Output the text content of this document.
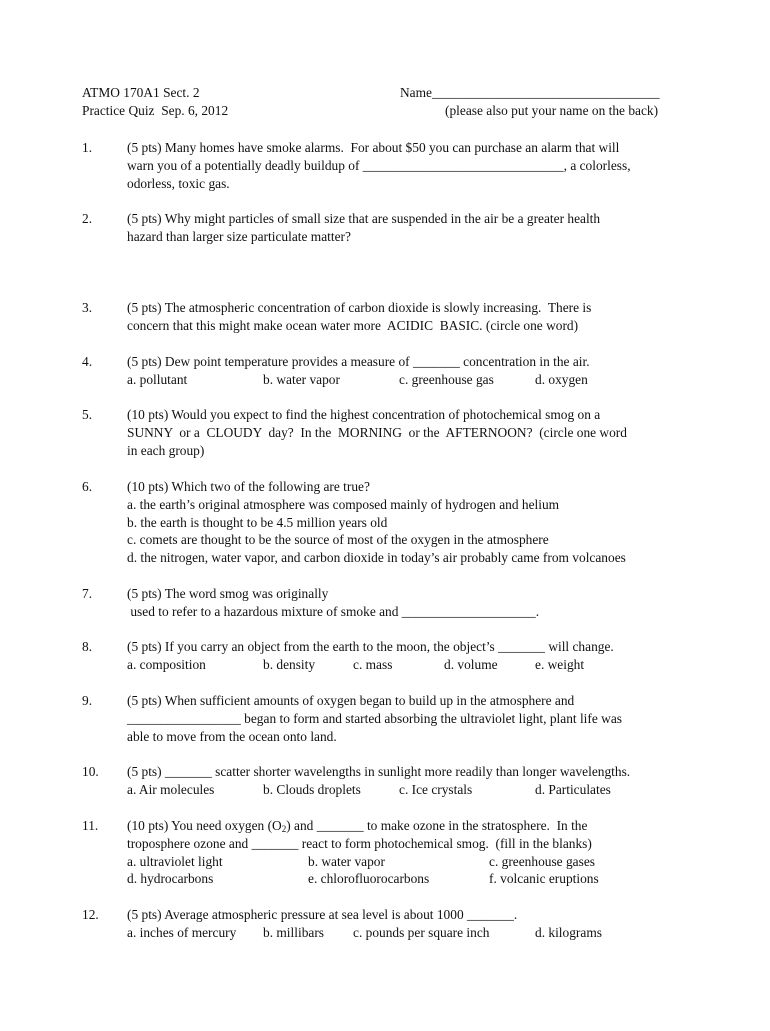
ATMO 170A1 Sect. 2
Practice Quiz  Sep. 6, 2012
Name__________________________________
(please also put your name on the back)
1.	(5 pts) Many homes have smoke alarms.  For about $50 you can purchase an alarm that will
warn you of a potentially deadly buildup of ______________________________, a colorless,
odorless, toxic gas.
2.	(5 pts) Why might particles of small size that are suspended in the air be a greater health
hazard than larger size particulate matter?
3.	(5 pts) The atmospheric concentration of carbon dioxide is slowly increasing.  There is
concern that this might make ocean water more  ACIDIC  BASIC. (circle one word)
4.	(5 pts) Dew point temperature provides a measure of _______ concentration in the air.

a. pollutant

	b. water vapor

	c. greenhouse gas

	d. oxygen

5.	(10 pts) Would you expect to find the highest concentration of photochemical smog on a
SUNNY  or a  CLOUDY  day?  In the  MORNING  or the  AFTERNOON?  (circle one word
in each group)
6.	(10 pts) Which two of the following are true?
a. the earth’s original atmosphere was composed mainly of hydrogen and helium
b. the earth is thought to be 4.5 million years old
c. comets are thought to be the source of most of the oxygen in the atmosphere
d. the nitrogen, water vapor, and carbon dioxide in today’s air probably came from volcanoes
7.	(5 pts) The word smog was originally
used to refer to a hazardous mixture of smoke and ____________________.
8.	(5 pts) If you carry an object from the earth to the moon, the object’s _______ will change.

a. composition

	b. density

	c. mass

	d. volume

	e. weight

9.	(5 pts) When sufficient amounts of oxygen began to build up in the atmosphere and
_________________ began to form and started absorbing the ultraviolet light, plant life was
able to move from the ocean onto land.
10. (5 pts) _______ scatter shorter wavelengths in sunlight more readily than longer wavelengths.

a. Air molecules

	b. Clouds droplets

	c. Ice crystals

	d. Particulates

11. (10 pts) You need oxygen $(O_2)$ and _______ to make ozone in the stratosphere.  In the
troposphere ozone and _______ react to form photochemical smog.  (fill in the blanks)

a. ultraviolet light

	b. water vapor

	c. greenhouse gases

d. hydrocarbons

	e. chlorofluorocarbons

	f. volcanic eruptions

12. (5 pts) Average atmospheric pressure at sea level is about 1000 _______.

a. inches of mercury

b. millibars

c. pounds per square inch

	d. kilograms
